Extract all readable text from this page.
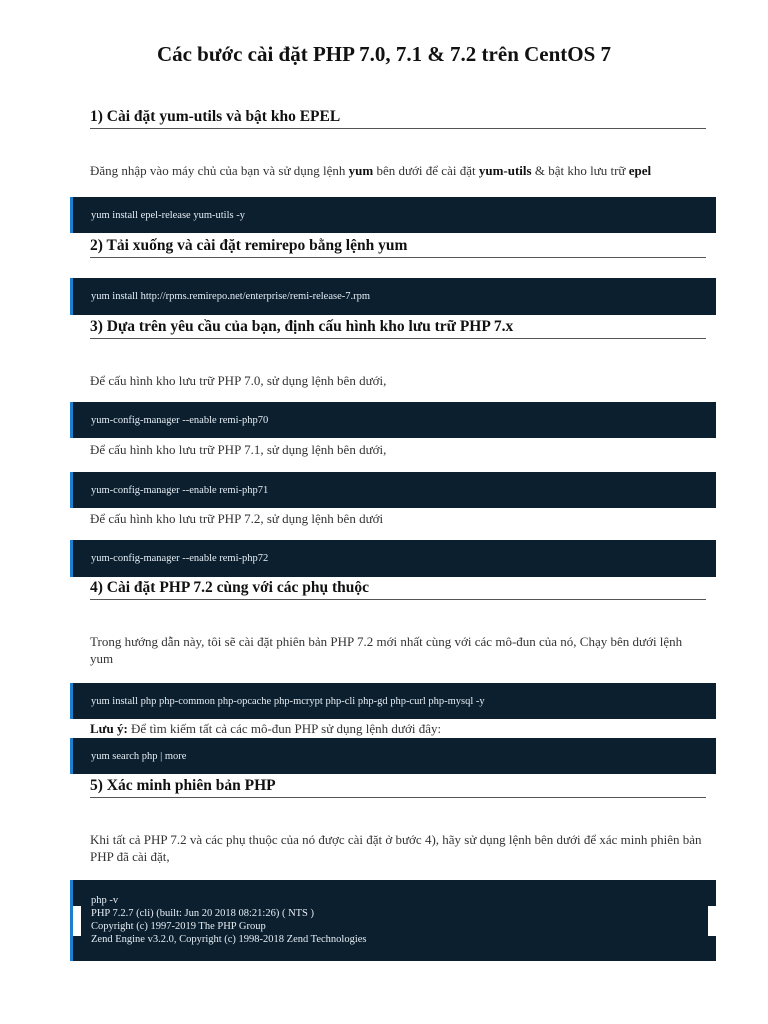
Các bước cài đặt PHP 7.0, 7.1 & 7.2 trên CentOS 7
1) Cài đặt yum-utils và bật kho EPEL
Đăng nhập vào máy chủ của bạn và sử dụng lệnh yum bên dưới để cài đặt yum-utils & bật kho lưu trữ epel
yum install epel-release yum-utils -y
2) Tải xuống và cài đặt remirepo bằng lệnh yum
yum install http://rpms.remirepo.net/enterprise/remi-release-7.rpm
3) Dựa trên yêu cầu của bạn, định cấu hình kho lưu trữ PHP 7.x
Để cấu hình kho lưu trữ PHP 7.0, sử dụng lệnh bên dưới,
yum-config-manager --enable remi-php70
Để cấu hình kho lưu trữ PHP 7.1, sử dụng lệnh bên dưới,
yum-config-manager --enable remi-php71
Để cấu hình kho lưu trữ PHP 7.2, sử dụng lệnh bên dưới
yum-config-manager --enable remi-php72
4) Cài đặt PHP 7.2 cùng với các phụ thuộc
Trong hướng dẫn này, tôi sẽ cài đặt phiên bản PHP 7.2 mới nhất cùng với các mô-đun của nó, Chạy bên dưới lệnh yum
yum install php php-common php-opcache php-mcrypt php-cli php-gd php-curl php-mysql -y
Lưu ý: Để tìm kiếm tất cả các mô-đun PHP sử dụng lệnh dưới đây:
yum search php | more
5) Xác minh phiên bản PHP
Khi tất cả PHP 7.2 và các phụ thuộc của nó được cài đặt ở bước 4), hãy sử dụng lệnh bên dưới để xác minh phiên bản PHP đã cài đặt,
php -v
PHP 7.2.7 (cli) (built: Jun 20 2018 08:21:26) ( NTS )
Copyright (c) 1997-2019 The PHP Group
Zend Engine v3.2.0, Copyright (c) 1998-2018 Zend Technologies
